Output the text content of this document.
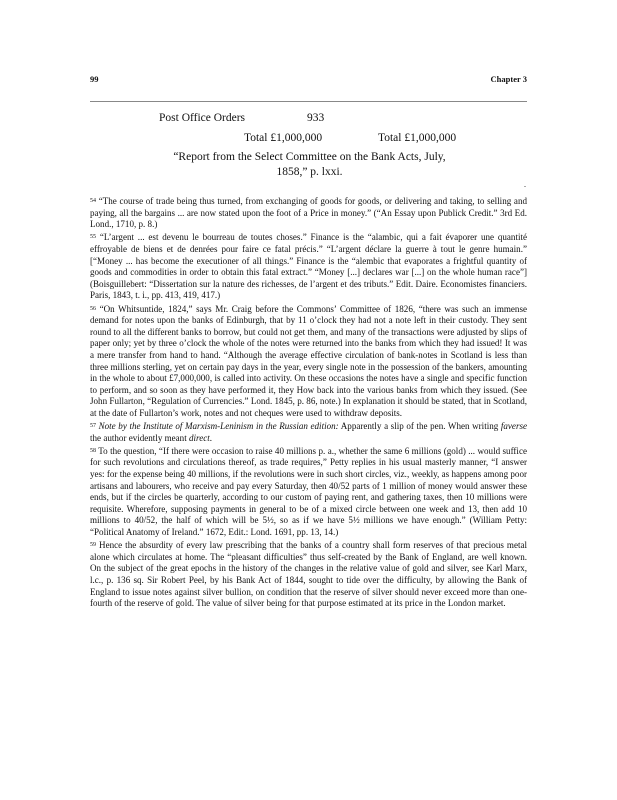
99	Chapter 3
Post Office Orders	933
Total £1,000,000	Total £1,000,000
“Report from the Select Committee on the Bank Acts, July,
1858,” p. lxxi.
.

$^{54}$ “The course of trade being thus turned, from exchanging of goods for goods, or delivering and taking, to selling and paying, all the bargains ... are now stated upon the foot of a Price in money.” (“An Essay upon Publick Credit.” 3rd Ed. Lond., 1710, p. 8.)

$^{55}$ “L’argent ... est devenu le bourreau de toutes choses.” Finance is the “alambic, qui a fait évaporer une quantité effroyable de biens et de denrées pour faire ce fatal précis.” “L’argent déclare la guerre à tout le genre humain.” [“Money ... has become the executioner of all things.” Finance is the “alembic that evaporates a frightful quantity of goods and commodities in order to obtain this fatal extract.” “Money [...] declares war [...] on the whole human race”] (Boisguillebert: “Dissertation sur la nature des richesses, de l’argent et des tributs.” Edit. Daire. Economistes financiers. Paris, 1843, t. i., pp. 413, 419, 417.)

$^{56}$ “On Whitsuntide, 1824,” says Mr. Craig before the Commons’ Committee of 1826, “there was such an immense demand for notes upon the banks of Edinburgh, that by 11 o’clock they had not a note left in their custody. They sent round to all the different banks to borrow, but could not get them, and many of the transactions were adjusted by slips of paper only; yet by three o’clock the whole of the notes were returned into the banks from which they had issued! It was a mere transfer from hand to hand. “Although the average effective circulation of bank-notes in Scotland is less than three millions sterling, yet on certain pay days in the year, every single note in the possession of the bankers, amounting in the whole to about £7,000,000, is called into activity. On these occasions the notes have a single and specific function to perform, and so soon as they have performed it, they How back into the various banks from which they issued. (See John Fullarton, “Regulation of Currencies.” Lond. 1845, p. 86, note.) In explanation it should be stated, that in Scotland, at the date of Fullarton’s work, notes and not cheques were used to withdraw deposits.

$^{57}$ Note by the Institute of Marxism-Leninism in the Russian edition: Apparently a slip of the pen. When writing faverse the author evidently meant direct.

$^{58}$ To the question, “If there were occasion to raise 40 millions p. a., whether the same 6 millions (gold) ... would suffice for such revolutions and circulations thereof, as trade requires,” Petty replies in his usual masterly manner, “I answer yes: for the expense being 40 millions, if the revolutions were in such short circles, viz., weekly, as happens among poor artisans and labourers, who receive and pay every Saturday, then 40/52 parts of 1 million of money would answer these ends, but if the circles be quarterly, according to our custom of paying rent, and gathering taxes, then 10 millions were requisite. Wherefore, supposing payments in general to be of a mixed circle between one week and 13, then add 10 millions to 40/52, the half of which will be 5½, so as if we have 5½ millions we have enough.” (William Petty: “Political Anatomy of Ireland.” 1672, Edit.: Lond. 1691, pp. 13, 14.)

$^{59}$ Hence the absurdity of every law prescribing that the banks of a country shall form reserves of that precious metal alone which circulates at home. The “pleasant difficulties” thus self-created by the Bank of England, are well known. On the subject of the great epochs in the history of the changes in the relative value of gold and silver, see Karl Marx, l.c., p. 136 sq. Sir Robert Peel, by his Bank Act of 1844, sought to tide over the difficulty, by allowing the Bank of England to issue notes against silver bullion, on condition that the reserve of silver should never exceed more than one-fourth of the reserve of gold. The value of silver being for that purpose estimated at its price in the London market.
